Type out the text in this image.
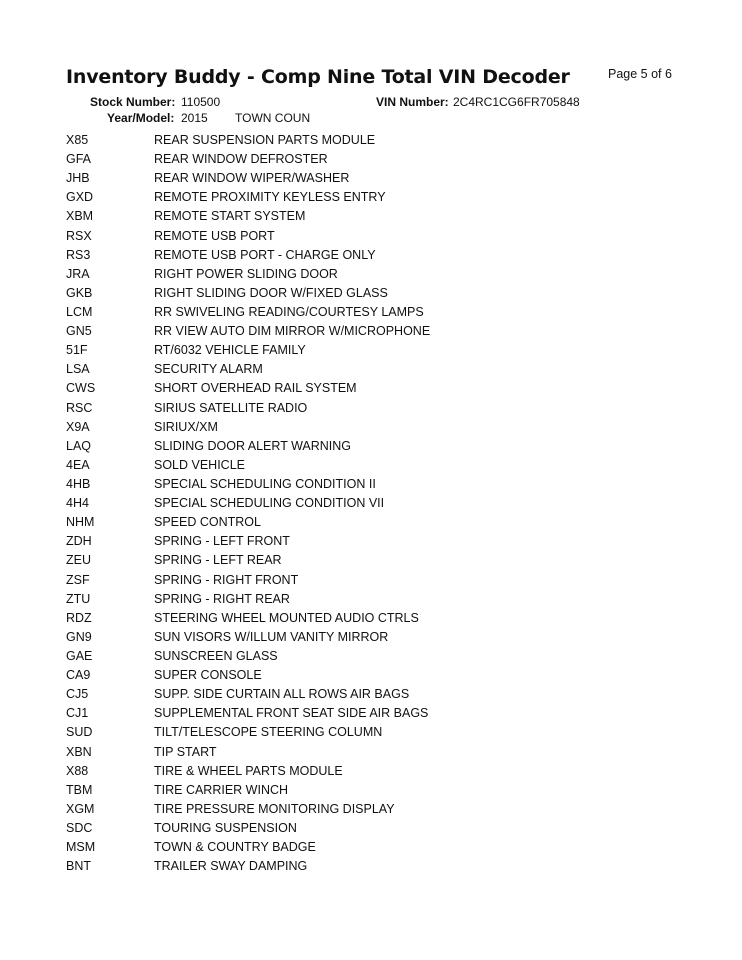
Inventory Buddy - Comp Nine Total VIN Decoder	Page 5 of 6
Stock Number: 110500	VIN Number: 2C4RC1CG6FR705848
Year/Model: 2015 TOWN COUN
X85	REAR SUSPENSION PARTS MODULE
GFA	REAR WINDOW DEFROSTER
JHB	REAR WINDOW WIPER/WASHER
GXD	REMOTE PROXIMITY KEYLESS ENTRY
XBM	REMOTE START SYSTEM
RSX	REMOTE USB PORT
RS3	REMOTE USB PORT - CHARGE ONLY
JRA	RIGHT POWER SLIDING DOOR
GKB	RIGHT SLIDING DOOR W/FIXED GLASS
LCM	RR SWIVELING READING/COURTESY LAMPS
GN5	RR VIEW AUTO DIM MIRROR W/MICROPHONE
51F	RT/6032 VEHICLE FAMILY
LSA	SECURITY ALARM
CWS	SHORT OVERHEAD RAIL SYSTEM
RSC	SIRIUS SATELLITE RADIO
X9A	SIRIUX/XM
LAQ	SLIDING DOOR ALERT WARNING
4EA	SOLD VEHICLE
4HB	SPECIAL SCHEDULING CONDITION II
4H4	SPECIAL SCHEDULING CONDITION VII
NHM	SPEED CONTROL
ZDH	SPRING - LEFT FRONT
ZEU	SPRING - LEFT REAR
ZSF	SPRING - RIGHT FRONT
ZTU	SPRING - RIGHT REAR
RDZ	STEERING WHEEL MOUNTED AUDIO CTRLS
GN9	SUN VISORS W/ILLUM VANITY MIRROR
GAE	SUNSCREEN GLASS
CA9	SUPER CONSOLE
CJ5	SUPP. SIDE CURTAIN ALL ROWS AIR BAGS
CJ1	SUPPLEMENTAL FRONT SEAT SIDE AIR BAGS
SUD	TILT/TELESCOPE STEERING COLUMN
XBN	TIP START
X88	TIRE & WHEEL PARTS MODULE
TBM	TIRE CARRIER WINCH
XGM	TIRE PRESSURE MONITORING DISPLAY
SDC	TOURING SUSPENSION
MSM	TOWN & COUNTRY BADGE
BNT	TRAILER SWAY DAMPING
